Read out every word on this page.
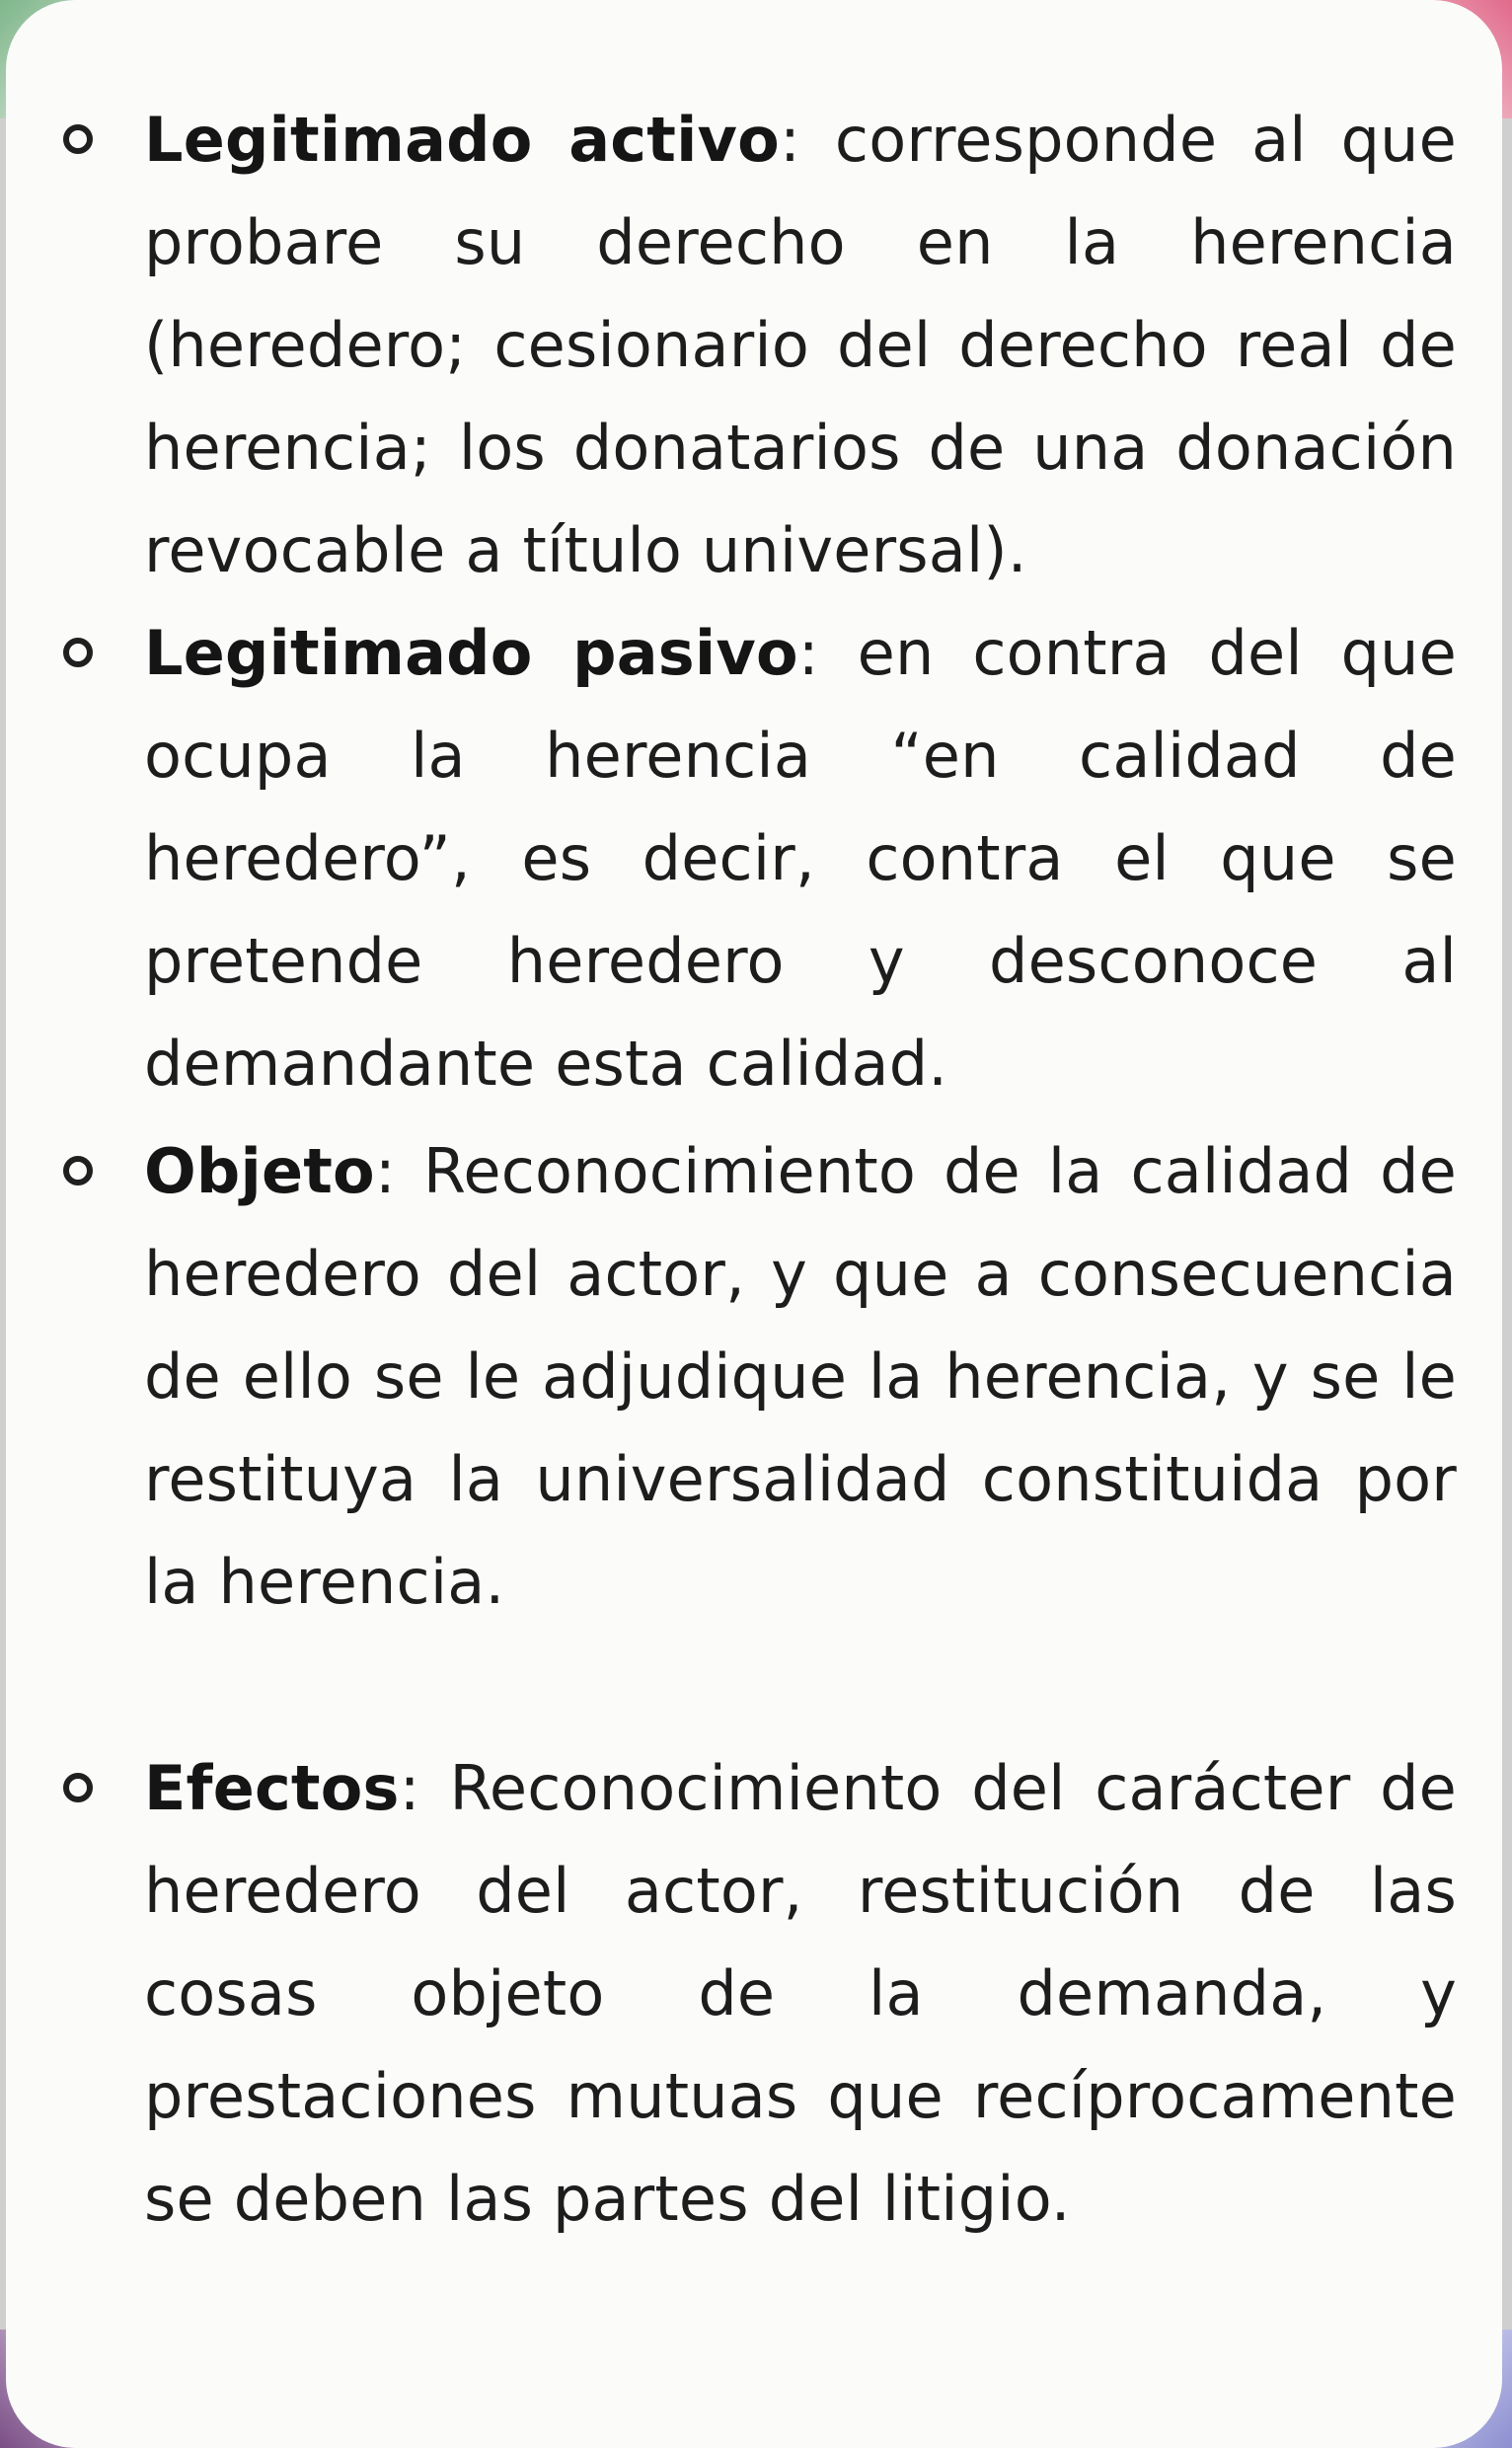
Legitimado activo: corresponde al que probare su derecho en la herencia (heredero; cesionario del derecho real de herencia; los donatarios de una donación revocable a título universal).

Legitimado pasivo: en contra del que ocupa la herencia “en calidad de heredero”, es decir, contra el que se pretende heredero y desconoce al demandante esta calidad.

Objeto: Reconocimiento de la calidad de heredero del actor, y que a consecuencia de ello se le adjudique la herencia, y se le restituya la universalidad constituida por la herencia.

Efectos: Reconocimiento del carácter de heredero del actor, restitución de las cosas objeto de la demanda, y prestaciones mutuas que recíprocamente se deben las partes del litigio.
